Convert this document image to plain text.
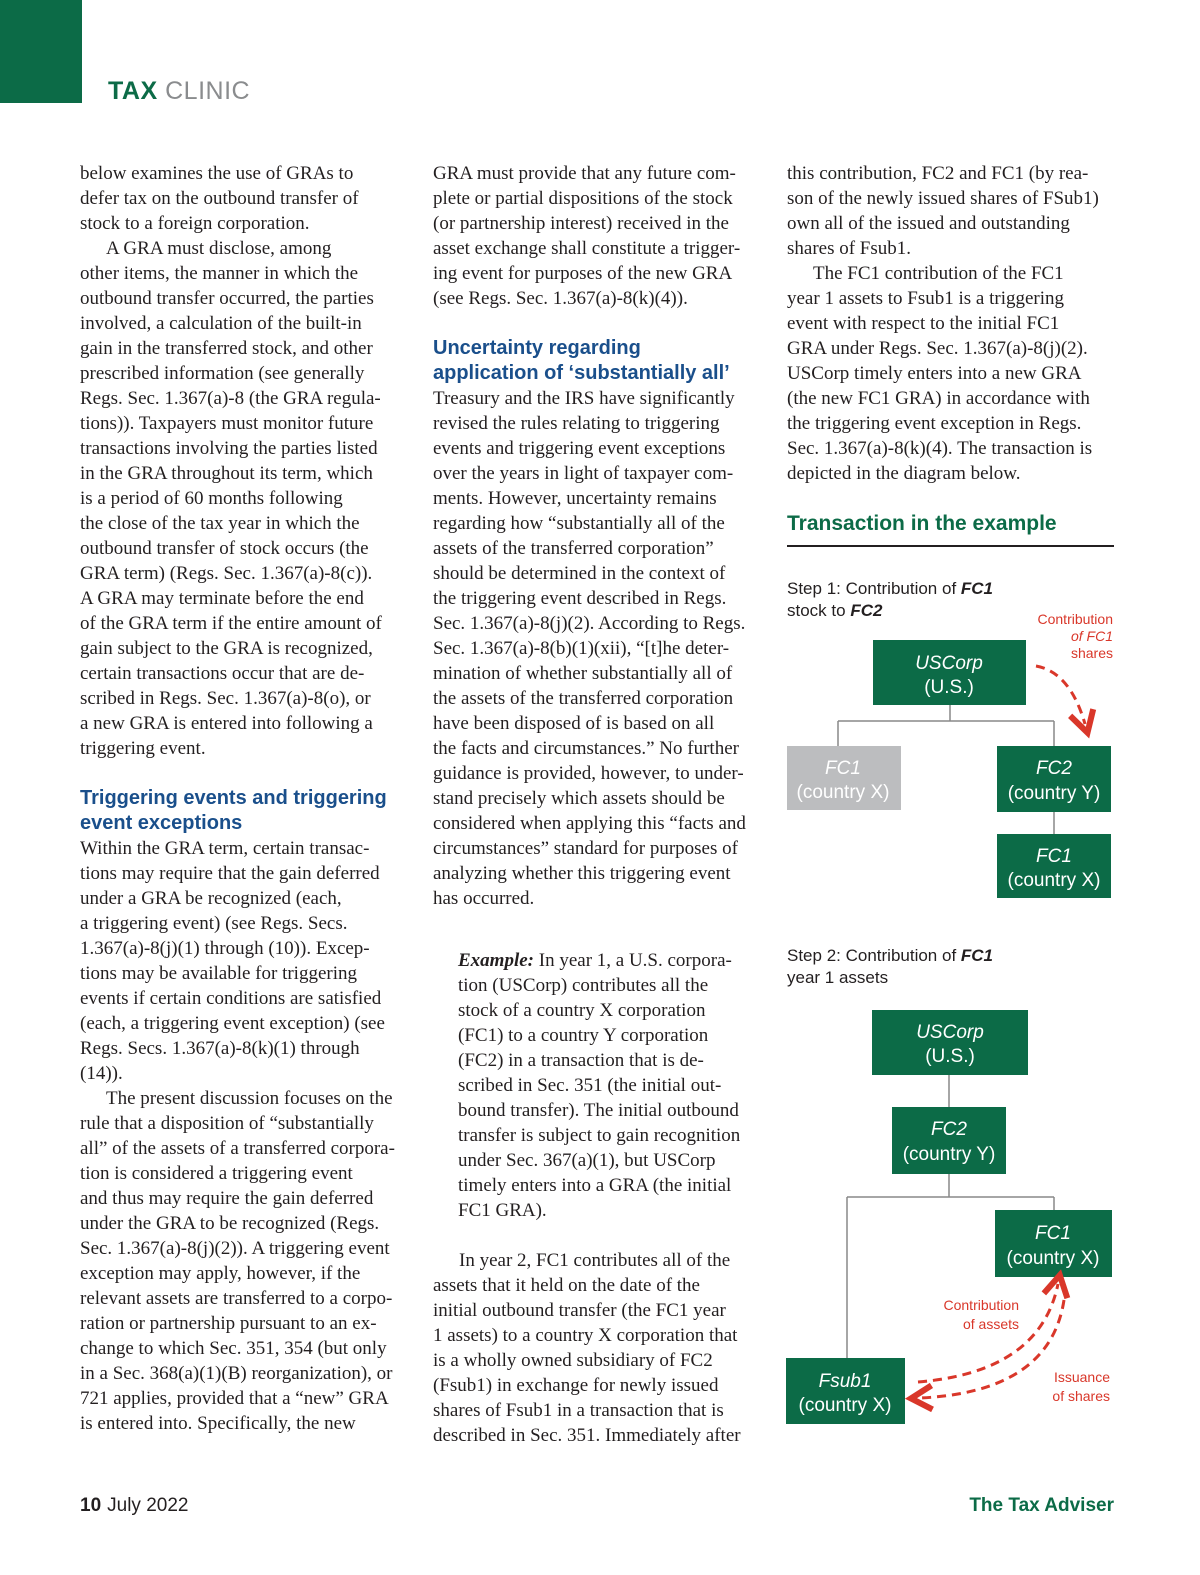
TAX CLINIC

below examines the use of GRAs to
defer tax on the outbound transfer of
stock to a foreign corporation.

A GRA must disclose, among
other items, the manner in which the
outbound transfer occurred, the parties
involved, a calculation of the built-in
gain in the transferred stock, and other
prescribed information (see generally
Regs. Sec. 1.367(a)-8 (the GRA regula-
tions)). Taxpayers must monitor future
transactions involving the parties listed
in the GRA throughout its term, which
is a period of 60 months following
the close of the tax year in which the
outbound transfer of stock occurs (the
GRA term) (Regs. Sec. 1.367(a)-8(c)).
A GRA may terminate before the end
of the GRA term if the entire amount of
gain subject to the GRA is recognized,
certain transactions occur that are de-
scribed in Regs. Sec. 1.367(a)-8(o), or
a new GRA is entered into following a
triggering event.

Triggering events and triggering
event exceptions

Within the GRA term, certain transac-
tions may require that the gain deferred
under a GRA be recognized (each,
a triggering event) (see Regs. Secs.
1.367(a)-8(j)(1) through (10)). Excep-
tions may be available for triggering
events if certain conditions are satisfied
(each, a triggering event exception) (see
Regs. Secs. 1.367(a)-8(k)(1) through
(14)).

The present discussion focuses on the
rule that a disposition of “substantially
all” of the assets of a transferred corpora-
tion is considered a triggering event
and thus may require the gain deferred
under the GRA to be recognized (Regs.
Sec. 1.367(a)-8(j)(2)). A triggering event
exception may apply, however, if the
relevant assets are transferred to a corpo-
ration or partnership pursuant to an ex-
change to which Sec. 351, 354 (but only
in a Sec. 368(a)(1)(B) reorganization), or
721 applies, provided that a “new” GRA
is entered into. Specifically, the new

GRA must provide that any future com-
plete or partial dispositions of the stock
(or partnership interest) received in the
asset exchange shall constitute a trigger-
ing event for purposes of the new GRA
(see Regs. Sec. 1.367(a)-8(k)(4)).

Uncertainty regarding
application of ‘substantially all’

Treasury and the IRS have significantly
revised the rules relating to triggering
events and triggering event exceptions
over the years in light of taxpayer com-
ments. However, uncertainty remains
regarding how “substantially all of the
assets of the transferred corporation”
should be determined in the context of
the triggering event described in Regs.
Sec. 1.367(a)-8(j)(2). According to Regs.
Sec. 1.367(a)-8(b)(1)(xii), “[t]he deter-
mination of whether substantially all of
the assets of the transferred corporation
have been disposed of is based on all
the facts and circumstances.” No further
guidance is provided, however, to under-
stand precisely which assets should be
considered when applying this “facts and
circumstances” standard for purposes of
analyzing whether this triggering event
has occurred.

Example: In year 1, a U.S. corpora-
tion (USCorp) contributes all the
stock of a country X corporation
(FC1) to a country Y corporation
(FC2) in a transaction that is de-
scribed in Sec. 351 (the initial out-
bound transfer). The initial outbound
transfer is subject to gain recognition
under Sec. 367(a)(1), but USCorp
timely enters into a GRA (the initial
FC1 GRA).

In year 2, FC1 contributes all of the
assets that it held on the date of the
initial outbound transfer (the FC1 year
1 assets) to a country X corporation that
is a wholly owned subsidiary of FC2
(Fsub1) in exchange for newly issued
shares of Fsub1 in a transaction that is
described in Sec. 351. Immediately after

this contribution, FC2 and FC1 (by rea-
son of the newly issued shares of FSub1)
own all of the issued and outstanding
shares of Fsub1.

The FC1 contribution of the FC1
year 1 assets to Fsub1 is a triggering
event with respect to the initial FC1
GRA under Regs. Sec. 1.367(a)-8(j)(2).
USCorp timely enters into a new GRA
(the new FC1 GRA) in accordance with
the triggering event exception in Regs.
Sec. 1.367(a)-8(k)(4). The transaction is
depicted in the diagram below.

Transaction in the example
Step 1: Contribution of FC1
stock to FC2
USCorp
(U.S.)
FC1
(country X)
FC2
(country Y)
FC1
(country X)
Contribution
of FC1
shares
Step 2: Contribution of FC1
year 1 assets
USCorp
(U.S.)
FC2
(country Y)
FC1
(country X)
Fsub1
(country X)
Contribution
of assets
Issuance
of shares
10 July 2022	The Tax Adviser
